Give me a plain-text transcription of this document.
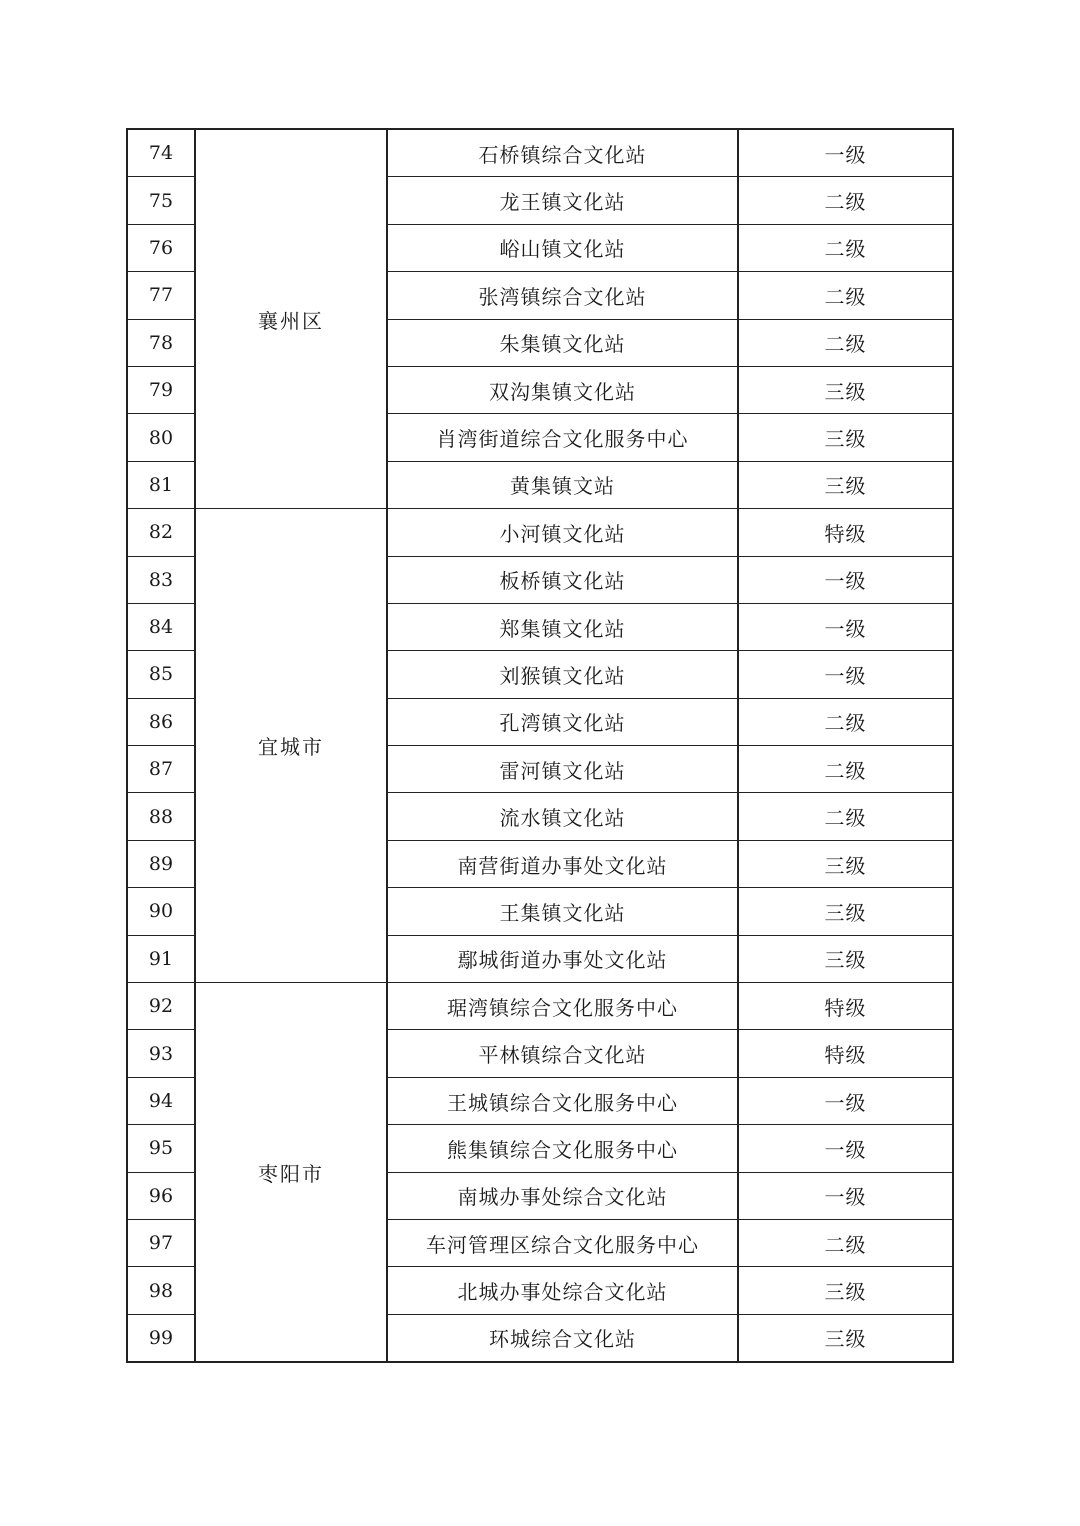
74	襄州区	石桥镇综合文化站	一级
75		龙王镇文化站	二级
76		峪山镇文化站	二级
77		张湾镇综合文化站	二级
78		朱集镇文化站	二级
79		双沟集镇文化站	三级
80		肖湾街道综合文化服务中心	三级
81		黄集镇文站	三级
82	宜城市	小河镇文化站	特级
83		板桥镇文化站	一级
84		郑集镇文化站	一级
85		刘猴镇文化站	一级
86		孔湾镇文化站	二级
87		雷河镇文化站	二级
88		流水镇文化站	二级
89		南营街道办事处文化站	三级
90		王集镇文化站	三级
91		鄢城街道办事处文化站	三级
92	枣阳市	琚湾镇综合文化服务中心	特级
93		平林镇综合文化站	特级
94		王城镇综合文化服务中心	一级
95		熊集镇综合文化服务中心	一级
96		南城办事处综合文化站	一级
97		车河管理区综合文化服务中心	二级
98		北城办事处综合文化站	三级
99		环城综合文化站	三级
